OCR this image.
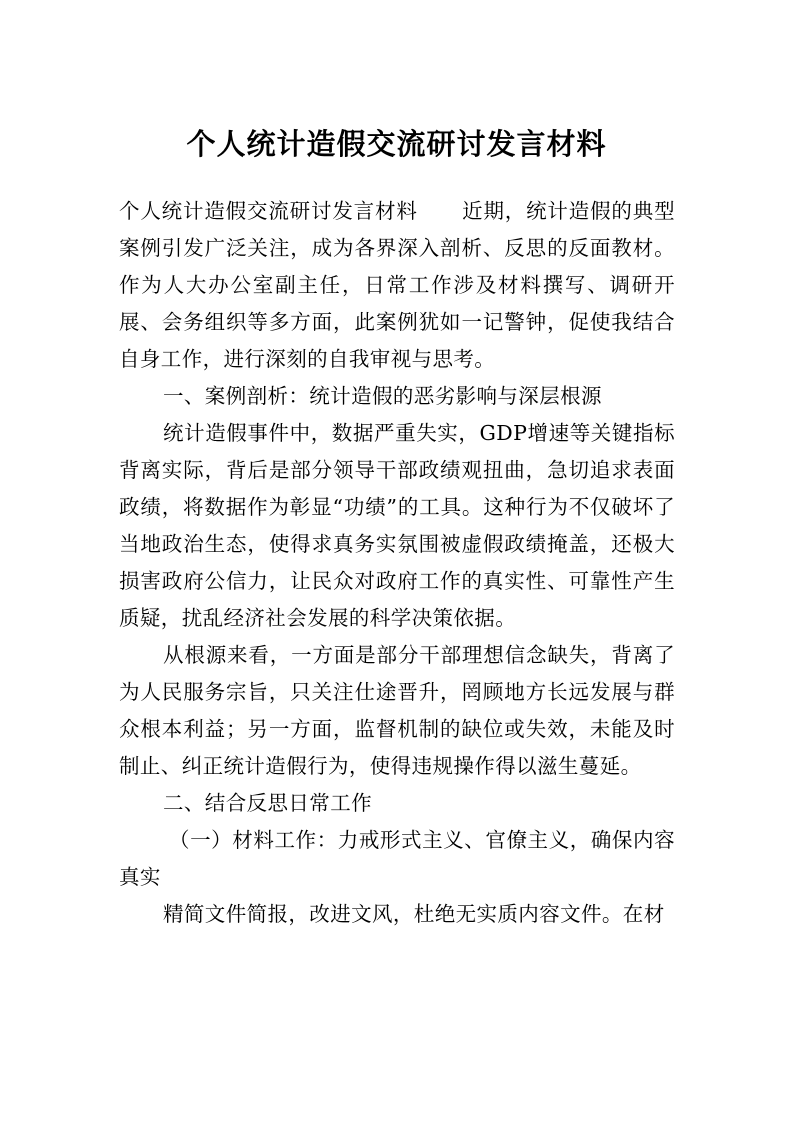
个人统计造假交流研讨发言材料

个人统计造假交流研讨发言材料 近期，统计造假的典型案例引发广泛关注，成为各界深入剖析、反思的反面教材。作为人大办公室副主任，日常工作涉及材料撰写、调研开展、会务组织等多方面，此案例犹如一记警钟，促使我结合自身工作，进行深刻的自我审视与思考。

一、案例剖析：统计造假的恶劣影响与深层根源

统计造假事件中，数据严重失实，GDP增速等关键指标背离实际，背后是部分领导干部政绩观扭曲，急切追求表面政绩，将数据作为彰显“功绩”的工具。这种行为不仅破坏了当地政治生态，使得求真务实氛围被虚假政绩掩盖，还极大损害政府公信力，让民众对政府工作的真实性、可靠性产生质疑，扰乱经济社会发展的科学决策依据。

从根源来看，一方面是部分干部理想信念缺失，背离了为人民服务宗旨，只关注仕途晋升，罔顾地方长远发展与群众根本利益；另一方面，监督机制的缺位或失效，未能及时制止、纠正统计造假行为，使得违规操作得以滋生蔓延。

二、结合反思日常工作

（一）材料工作：力戒形式主义、官僚主义，确保内容真实

精简文件简报，改进文风，杜绝无实质内容文件。在材
